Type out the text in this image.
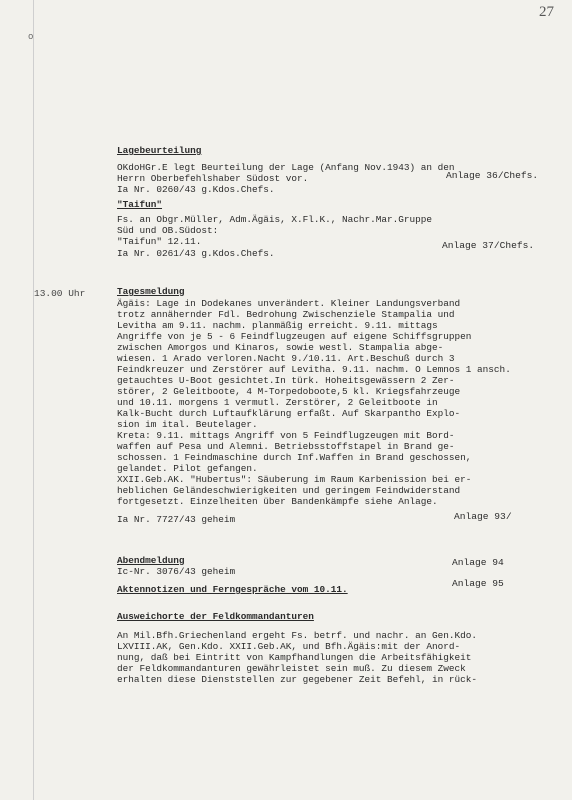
o
27
13.00 Uhr
Lagebeurteilung
OKdoHGr.E legt Beurteilung der Lage (Anfang Nov.1943) an den
Herrn Oberbefehlshaber Südost vor.
Ia Nr. 0260/43 g.Kdos.Chefs.
Anlage 36/Chefs.
"Taifun"
Fs. an Obgr.Müller, Adm.Ägäis, X.Fl.K., Nachr.Mar.Gruppe
Süd und OB.Südost:
"Taifun" 12.11.
Ia Nr. 0261/43 g.Kdos.Chefs.
Anlage 37/Chefs.
Tagesmeldung
Ägäis: Lage in Dodekanes unverändert. Kleiner Landungsverband
trotz annähernder Fdl. Bedrohung Zwischenziele Stampalia und
Levitha am 9.11. nachm. planmäßig erreicht. 9.11. mittags
Angriffe von je 5 - 6 Feindflugzeugen auf eigene Schiffsgruppen
zwischen Amorgos und Kinaros, sowie westl. Stampalia abge-
wiesen. 1 Arado verloren.Nacht 9./10.11. Art.Beschuß durch 3
Feindkreuzer und Zerstörer auf Levitha. 9.11. nachm. O Lemnos 1 ansch.
getauchtes U-Boot gesichtet.In türk. Hoheitsgewässern 2 Zer-
störer, 2 Geleitboote, 4 M-Torpedoboote,5 kl. Kriegsfahrzeuge
und 10.11. morgens 1 vermutl. Zerstörer, 2 Geleitboote in
Kalk-Bucht durch Luftaufklärung erfaßt. Auf Skarpantho Explo-
sion im ital. Beutelager.
Kreta: 9.11. mittags Angriff von 5 Feindflugzeugen mit Bord-
waffen auf Pesa und Alemni. Betriebsstoffstapel in Brand ge-
schossen. 1 Feindmaschine durch Inf.Waffen in Brand geschossen,
gelandet. Pilot gefangen.
XXII.Geb.AK. "Hubertus": Säuberung im Raum Karbenission bei er-
heblichen Geländeschwierigkeiten und geringem Feindwiderstand
fortgesetzt. Einzelheiten über Bandenkämpfe siehe Anlage.
Ia Nr. 7727/43 geheim	Anlage 93/
Abendmeldung
Ic-Nr. 3076/43 geheim
Anlage 94
Aktennotizen und Ferngespräche vom 10.11.
Anlage 95
Ausweichorte der Feldkommandanturen
An Mil.Bfh.Griechenland ergeht Fs. betrf. und nachr. an Gen.Kdo.
LXVIII.AK, Gen.Kdo. XXII.Geb.AK, und Bfh.Ägäis:mit der Anord-
nung, daß bei Eintritt von Kampfhandlungen die Arbeitsfähigkeit
der Feldkommandanturen gewährleistet sein muß. Zu diesem Zweck
erhalten diese Dienststellen zur gegebener Zeit Befehl, in rück-
